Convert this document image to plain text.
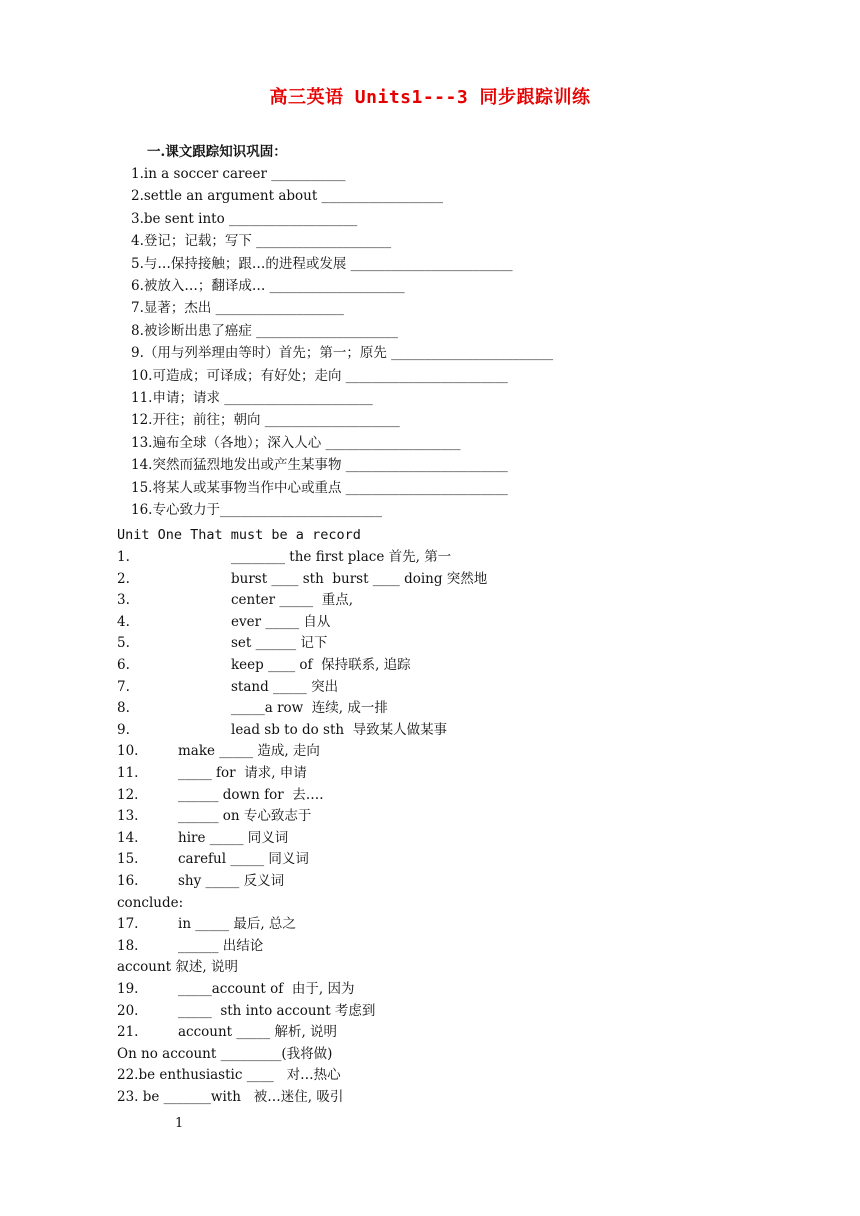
高三英语 Units1---3 同步跟踪训练
一.课文跟踪知识巩固：
1.in a soccer career ___________
2.settle an argument about __________________
3.be sent into ___________________
4.登记；记载；写下 ____________________
5.与…保持接触；跟…的进程或发展 ________________________
6.被放入…；翻译成… ____________________
7.显著；杰出 ___________________
8.被诊断出患了癌症 _____________________
9.（用与列举理由等时）首先；第一；原先 ________________________
10.可造成；可译成；有好处；走向 ________________________
11.申请；请求 ______________________
12.开往；前往；朝向 ____________________
13.遍布全球（各地）；深入人心 ____________________
14.突然而猛烈地发出或产生某事物 ________________________
15.将某人或某事物当作中心或重点 ________________________
16.专心致力于________________________
Unit One That must be a record
1.	________ the first place 首先, 第一
2.	burst ____ sth  burst ____ doing 突然地
3.	center _____  重点,
4.	ever _____ 自从
5.	set ______ 记下
6.	keep ____ of  保持联系, 追踪
7.	stand _____ 突出
8.	_____a row  连续, 成一排
9.	lead sb to do sth  导致某人做某事
10.	make _____ 造成, 走向
11.	_____ for  请求, 申请
12.	______ down for  去….
13.	______ on 专心致志于
14.	hire _____ 同义词
15.	careful _____ 同义词
16.	shy _____ 反义词
conclude:
17.	in _____ 最后, 总之
18.	______ 出结论
account 叙述, 说明
19.	_____account of  由于, 因为
20.	_____  sth into account 考虑到
21.	account _____ 解析, 说明
On no account _________(我将做)
22.be enthusiastic ____   对…热心
23. be _______with   被…迷住, 吸引
1
